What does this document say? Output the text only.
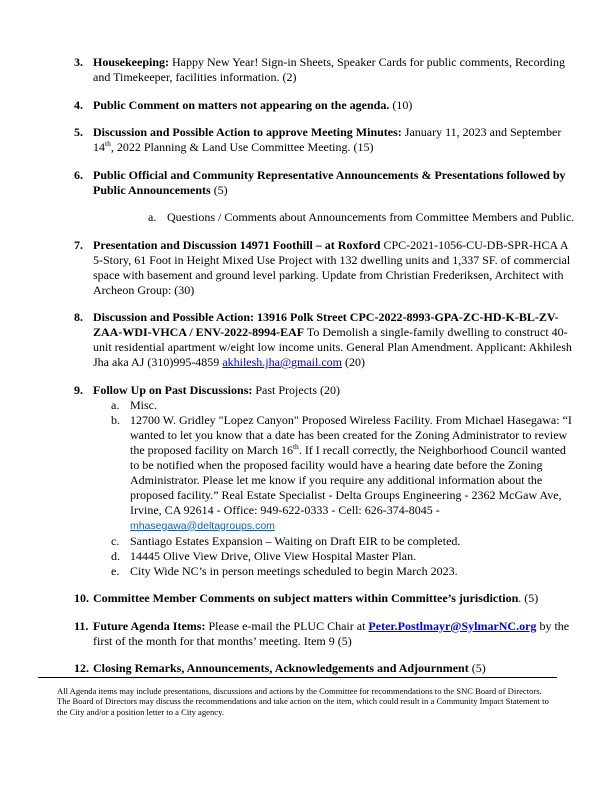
3. Housekeeping: Happy New Year! Sign-in Sheets, Speaker Cards for public comments, Recording and Timekeeper, facilities information. (2)
4. Public Comment on matters not appearing on the agenda. (10)
5. Discussion and Possible Action to approve Meeting Minutes: January 11, 2023 and September 14th, 2022 Planning & Land Use Committee Meeting. (15)
6. Public Official and Community Representative Announcements & Presentations followed by Public Announcements (5)
a. Questions / Comments about Announcements from Committee Members and Public.
7. Presentation and Discussion 14971 Foothill – at Roxford CPC-2021-1056-CU-DB-SPR-HCA A 5-Story, 61 Foot in Height Mixed Use Project with 132 dwelling units and 1,337 SF. of commercial space with basement and ground level parking. Update from Christian Frederiksen, Architect with Archeon Group: (30)
8. Discussion and Possible Action: 13916 Polk Street CPC-2022-8993-GPA-ZC-HD-K-BL-ZV-ZAA-WDI-VHCA / ENV-2022-8994-EAF To Demolish a single-family dwelling to construct 40-unit residential apartment w/eight low income units. General Plan Amendment. Applicant: Akhilesh Jha aka AJ (310)995-4859 akhilesh.jha@gmail.com (20)
9. Follow Up on Past Discussions: Past Projects (20)
a. Misc.
b. 12700 W. Gridley "Lopez Canyon" Proposed Wireless Facility. From Michael Hasegawa: “I wanted to let you know that a date has been created for the Zoning Administrator to review the proposed facility on March 16th. If I recall correctly, the Neighborhood Council wanted to be notified when the proposed facility would have a hearing date before the Zoning Administrator. Please let me know if you require any additional information about the proposed facility.” Real Estate Specialist - Delta Groups Engineering - 2362 McGaw Ave, Irvine, CA 92614 - Office: 949-622-0333 - Cell: 626-374-8045 - mhasegawa@deltagroups.com
c. Santiago Estates Expansion – Waiting on Draft EIR to be completed.
d. 14445 Olive View Drive, Olive View Hospital Master Plan.
e. City Wide NC’s in person meetings scheduled to begin March 2023.
10. Committee Member Comments on subject matters within Committee’s jurisdiction. (5)
11. Future Agenda Items: Please e-mail the PLUC Chair at Peter.Postlmayr@SylmarNC.org by the first of the month for that months’ meeting. Item 9 (5)
12. Closing Remarks, Announcements, Acknowledgements and Adjournment (5)
All Agenda items may include presentations, discussions and actions by the Committee for recommendations to the SNC Board of Directors. The Board of Directors may discuss the recommendations and take action on the item, which could result in a Community Impact Statement to the City and/or a position letter to a City agency.
